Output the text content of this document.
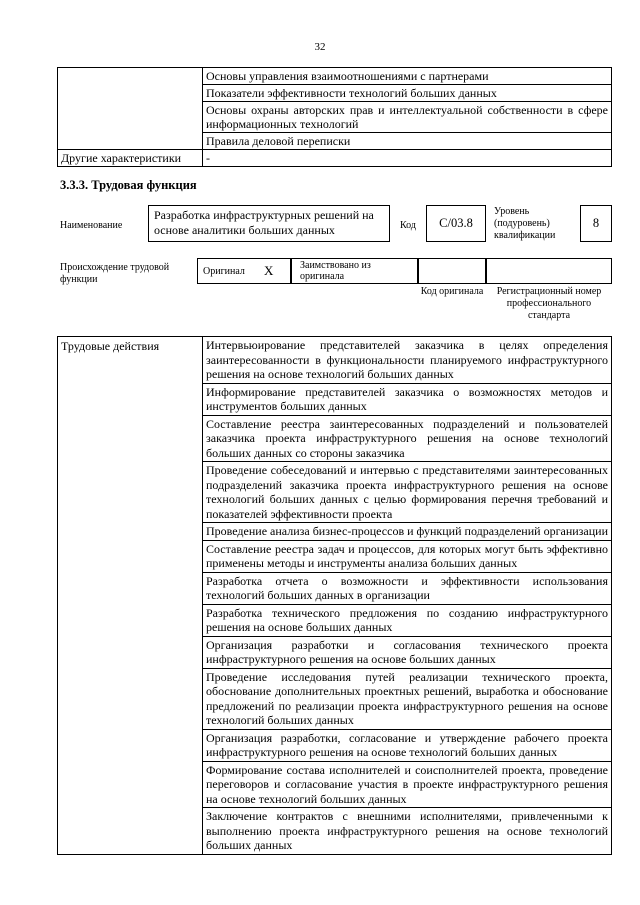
32
	Основы управления взаимоотношениями с партнерами
	Показатели эффективности технологий больших данных
	Основы охраны авторских прав и интеллектуальной собственности в сфере информационных технологий
	Правила деловой переписки
Другие характеристики	-
3.3.3. Трудовая функция
Наименование
Разработка инфраструктурных решений на основе аналитики больших данных	Код	C/03.8
Уровень (подуровень) квалификации
8
Происхождение трудовой функции
Оригинал X	Заимствовано из оригинала
Код оригинала	Регистрационный номер профессионального стандарта
Трудовые действия	Интервьюирование представителей заказчика в целях определения заинтересованности в функциональности планируемого инфраструктурного решения на основе технологий больших данных
Информирование представителей заказчика о возможностях методов и инструментов больших данных
Составление реестра заинтересованных подразделений и пользователей заказчика проекта инфраструктурного решения на основе технологий больших данных со стороны заказчика
Проведение собеседований и интервью с представителями заинтересованных подразделений заказчика проекта инфраструктурного решения на основе технологий больших данных с целью формирования перечня требований и показателей эффективности проекта
Проведение анализа бизнес-процессов и функций подразделений организации
Составление реестра задач и процессов, для которых могут быть эффективно применены методы и инструменты анализа больших данных
Разработка отчета о возможности и эффективности использования технологий больших данных в организации
Разработка технического предложения по созданию инфраструктурного решения на основе больших данных
Организация разработки и согласования технического проекта инфраструктурного решения на основе больших данных
Проведение исследования путей реализации технического проекта, обоснование дополнительных проектных решений, выработка и обоснование предложений по реализации проекта инфраструктурного решения на основе технологий больших данных
Организация разработки, согласование и утверждение рабочего проекта инфраструктурного решения на основе технологий больших данных
Формирование состава исполнителей и соисполнителей проекта, проведение переговоров и согласование участия в проекте инфраструктурного решения на основе технологий больших данных
Заключение контрактов с внешними исполнителями, привлеченными к выполнению проекта инфраструктурного решения на основе технологий больших данных
